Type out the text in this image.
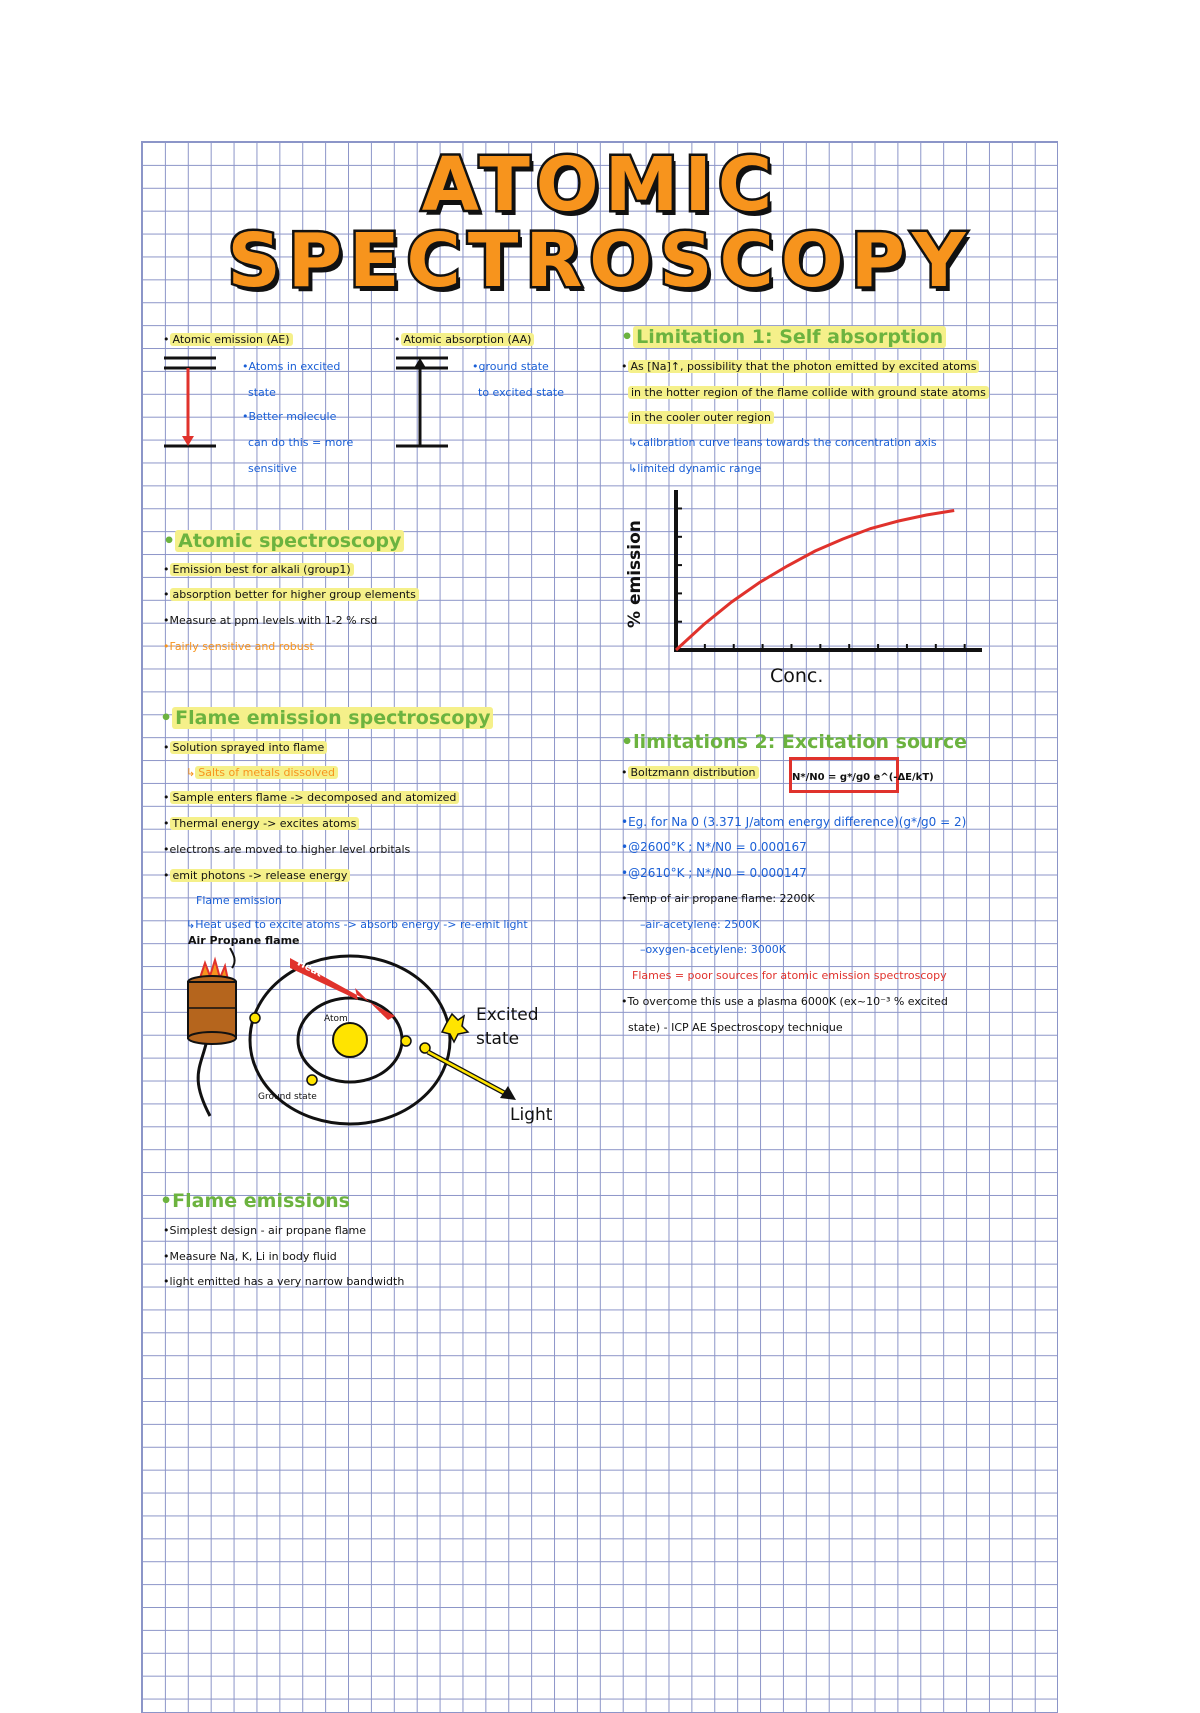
ATOMIC
SPECTROSCOPY
• Atomic emission (AE)
•Atoms in excited
state
•Better molecule
can do this = more
sensitive
• Atomic absorption (AA)
•ground state
to excited state
• Atomic spectroscopy
• Emission best for alkali (group1)
• absorption better for higher group elements
•Measure at ppm levels with 1-2 % rsd
•Fairly sensitive and robust
• Flame emission spectroscopy
• Solution sprayed into flame
↳ Salts of metals dissolved
• Sample enters flame -> decomposed and atomized
• Thermal energy -> excites atoms
•electrons are moved to higher level orbitals
• emit photons -> release energy
Flame emission
↳Heat used to excite atoms -> absorb energy -> re-emit light
Air Propane flame
Heat
Atom
Ground state
Excited
state
Light
•Flame emissions
•Simplest design - air propane flame
•Measure Na, K, Li in body fluid
•light emitted has a very narrow bandwidth
• Limitation 1: Self absorption
• As [Na]↑, possibility that the photon emitted by excited atoms
in the hotter region of the flame collide with ground state atoms
in the cooler outer region
↳calibration curve leans towards the concentration axis
↳limited dynamic range
% emission
Conc.
•limitations 2: Excitation source
• Boltzmann distribution	N*/N0 = g*/g0 e^(-ΔE/kT)
•Eg. for Na 0 (3.371 J/atom energy difference)(g*/g0 = 2)
•@2600°K ; N*/N0 = 0.000167
•@2610°K ; N*/N0 = 0.000147
•Temp of air propane flame: 2200K
–air-acetylene: 2500K
–oxygen-acetylene: 3000K
Flames = poor sources for atomic emission spectroscopy
•To overcome this use a plasma 6000K (ex~10⁻³ % excited
state) - ICP AE Spectroscopy technique
